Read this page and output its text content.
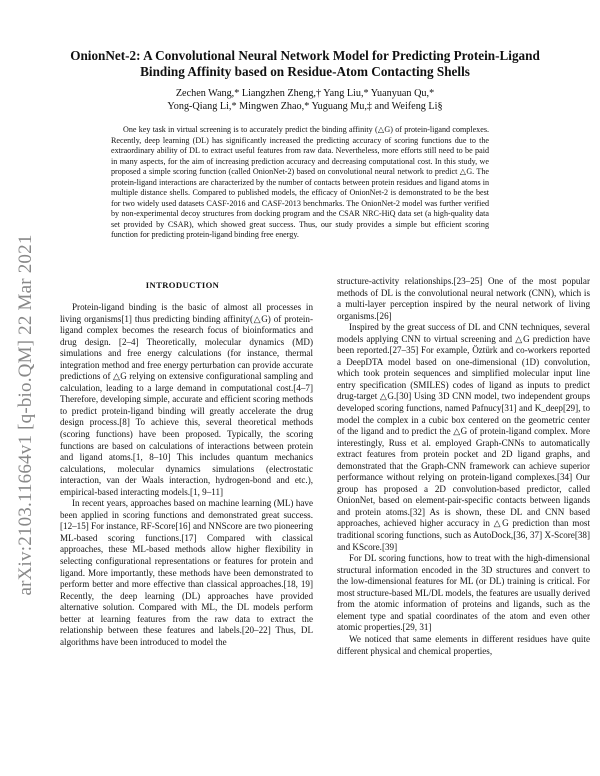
arXiv:2103.11664v1 [q-bio.QM] 22 Mar 2021
OnionNet-2: A Convolutional Neural Network Model for Predicting Protein-Ligand Binding Affinity based on Residue-Atom Contacting Shells
Zechen Wang,* Liangzhen Zheng,† Yang Liu,* Yuanyuan Qu,*
Yong-Qiang Li,* Mingwen Zhao,* Yuguang Mu,‡ and Weifeng Li§

One key task in virtual screening is to accurately predict the binding affinity (△G) of protein-ligand complexes. Recently, deep learning (DL) has significantly increased the predicting accuracy of scoring functions due to the extraordinary ability of DL to extract useful features from raw data. Nevertheless, more efforts still need to be paid in many aspects, for the aim of increasing prediction accuracy and decreasing computational cost. In this study, we proposed a simple scoring function (called OnionNet-2) based on convolutional neural network to predict △G. The protein-ligand interactions are characterized by the number of contacts between protein residues and ligand atoms in multiple distance shells. Compared to published models, the efficacy of OnionNet-2 is demonstrated to be the best for two widely used datasets CASF-2016 and CASF-2013 benchmarks. The OnionNet-2 model was further verified by non-experimental decoy structures from docking program and the CSAR NRC-HiQ data set (a high-quality data set provided by CSAR), which showed great success. Thus, our study provides a simple but efficient scoring function for predicting protein-ligand binding free energy.

INTRODUCTION

Protein-ligand binding is the basic of almost all processes in living organisms[1] thus predicting binding affinity(△G) of protein-ligand complex becomes the research focus of bioinformatics and drug design. [2–4] Theoretically, molecular dynamics (MD) simulations and free energy calculations (for instance, thermal integration method and free energy perturbation can provide accurate predictions of △G relying on extensive configurational sampling and calculation, leading to a large demand in computational cost.[4–7] Therefore, developing simple, accurate and efficient scoring methods to predict protein-ligand binding will greatly accelerate the drug design process.[8] To achieve this, several theoretical methods (scoring functions) have been proposed. Typically, the scoring functions are based on calculations of interactions between protein and ligand atoms.[1, 8–10] This includes quantum mechanics calculations, molecular dynamics simulations (electrostatic interaction, van der Waals interaction, hydrogen-bond and etc.), empirical-based interacting models.[1, 9–11]

In recent years, approaches based on machine learning (ML) have been applied in scoring functions and demonstrated great success.[12–15] For instance, RF-Score[16] and NNScore are two pioneering ML-based scoring functions.[17] Compared with classical approaches, these ML-based methods allow higher flexibility in selecting configurational representations or features for protein and ligand. More importantly, these methods have been demonstrated to perform better and more effective than classical approaches.[18, 19] Recently, the deep learning (DL) approaches have provided alternative solution. Compared with ML, the DL models perform better at learning features from the raw data to extract the relationship between these features and labels.[20–22] Thus, DL algorithms have been introduced to model the

structure-activity relationships.[23–25] One of the most popular methods of DL is the convolutional neural network (CNN), which is a multi-layer perception inspired by the neural network of living organisms.[26]

Inspired by the great success of DL and CNN techniques, several models applying CNN to virtual screening and △G prediction have been reported.[27–35] For example, Öztürk and co-workers reported a DeepDTA model based on one-dimensional (1D) convolution, which took protein sequences and simplified molecular input line entry specification (SMILES) codes of ligand as inputs to predict drug-target △G.[30] Using 3D CNN model, two independent groups developed scoring functions, named Pafnucy[31] and K_deep[29], to model the complex in a cubic box centered on the geometric center of the ligand and to predict the △G of protein-ligand complex. More interestingly, Russ et al. employed Graph-CNNs to automatically extract features from protein pocket and 2D ligand graphs, and demonstrated that the Graph-CNN framework can achieve superior performance without relying on protein-ligand complexes.[34] Our group has proposed a 2D convolution-based predictor, called OnionNet, based on element-pair-specific contacts between ligands and protein atoms.[32] As is shown, these DL and CNN based approaches, achieved higher accuracy in △G prediction than most traditional scoring functions, such as AutoDock,[36, 37] X-Score[38] and KScore.[39]

For DL scoring functions, how to treat with the high-dimensional structural information encoded in the 3D structures and convert to the low-dimensional features for ML (or DL) training is critical. For most structure-based ML/DL models, the features are usually derived from the atomic information of proteins and ligands, such as the element type and spatial coordinates of the atom and even other atomic properties.[29, 31]

We noticed that same elements in different residues have quite different physical and chemical properties,
